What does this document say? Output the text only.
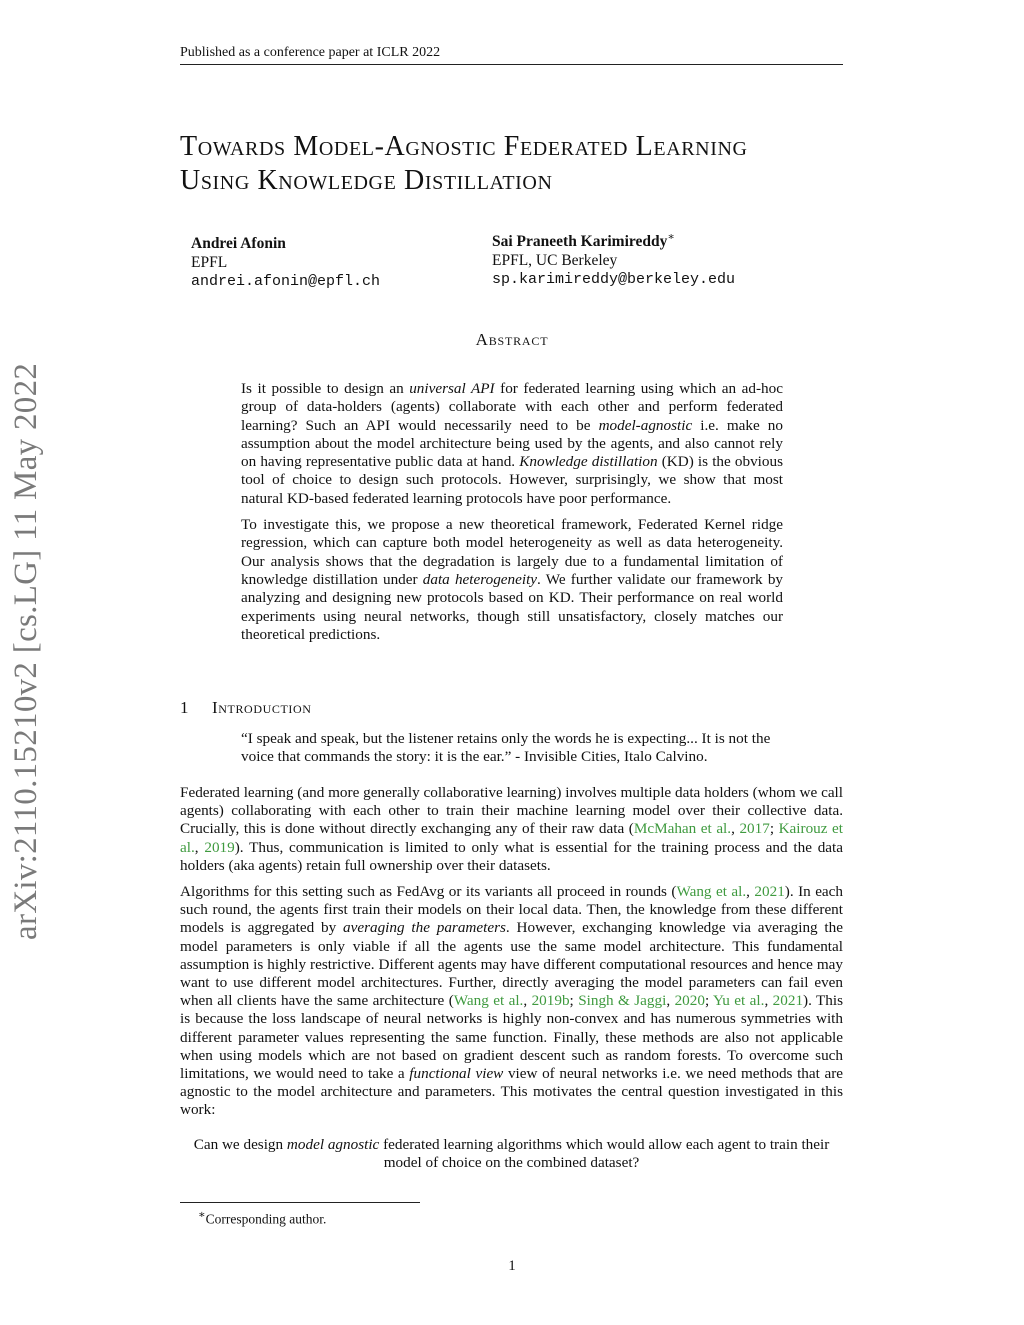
Published as a conference paper at ICLR 2022
arXiv:2110.15210v2 [cs.LG] 11 May 2022
Towards Model-Agnostic Federated Learning
Using Knowledge Distillation
Andrei Afonin
EPFL
andrei.afonin@epfl.ch
Sai Praneeth Karimireddy∗
EPFL, UC Berkeley
sp.karimireddy@berkeley.edu
Abstract

Is it possible to design an universal API for federated learning using which an ad-hoc group of data-holders (agents) collaborate with each other and perform federated learning? Such an API would necessarily need to be model-agnostic i.e. make no assumption about the model architecture being used by the agents, and also cannot rely on having representative public data at hand. Knowledge distillation (KD) is the obvious tool of choice to design such protocols. However, surprisingly, we show that most natural KD-based federated learning protocols have poor performance.

To investigate this, we propose a new theoretical framework, Federated Kernel ridge regression, which can capture both model heterogeneity as well as data heterogeneity. Our analysis shows that the degradation is largely due to a fundamental limitation of knowledge distillation under data heterogeneity. We further validate our framework by analyzing and designing new protocols based on KD. Their performance on real world experiments using neural networks, though still unsatisfactory, closely matches our theoretical predictions.

1 Introduction
“I speak and speak, but the listener retains only the words he is expecting... It is not the voice that commands the story: it is the ear.” - Invisible Cities, Italo Calvino.

Federated learning (and more generally collaborative learning) involves multiple data holders (whom we call agents) collaborating with each other to train their machine learning model over their collective data. Crucially, this is done without directly exchanging any of their raw data (McMahan et al., 2017; Kairouz et al., 2019). Thus, communication is limited to only what is essential for the training process and the data holders (aka agents) retain full ownership over their datasets.

Algorithms for this setting such as FedAvg or its variants all proceed in rounds (Wang et al., 2021). In each such round, the agents first train their models on their local data. Then, the knowledge from these different models is aggregated by averaging the parameters. However, exchanging knowledge via averaging the model parameters is only viable if all the agents use the same model architecture. This fundamental assumption is highly restrictive. Different agents may have different computational resources and hence may want to use different model architectures. Further, directly averaging the model parameters can fail even when all clients have the same architecture (Wang et al., 2019b; Singh & Jaggi, 2020; Yu et al., 2021). This is because the loss landscape of neural networks is highly non-convex and has numerous symmetries with different parameter values representing the same function. Finally, these methods are also not applicable when using models which are not based on gradient descent such as random forests. To overcome such limitations, we would need to take a functional view view of neural networks i.e. we need methods that are agnostic to the model architecture and parameters. This motivates the central question investigated in this work:

Can we design model agnostic federated learning algorithms which would allow each agent to train their model of choice on the combined dataset?

∗Corresponding author.
1
